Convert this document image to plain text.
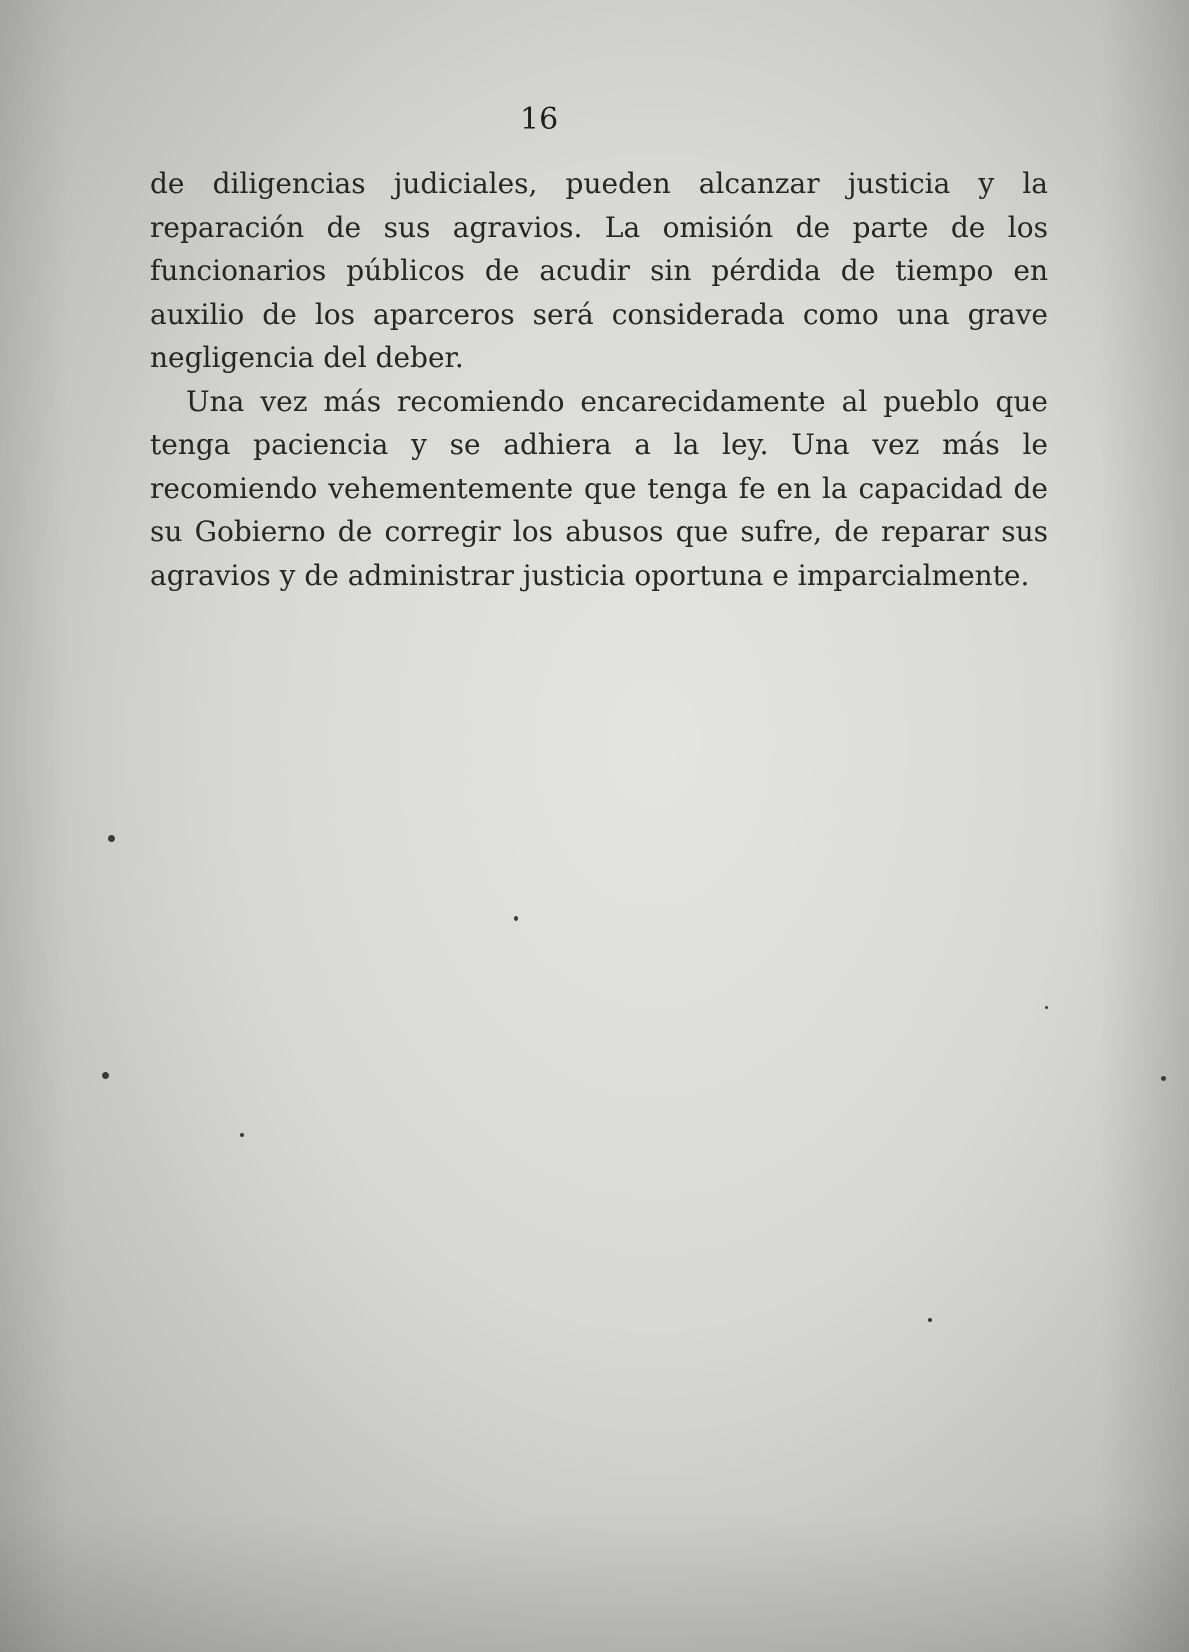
16

de diligencias judiciales, pueden alcanzar justicia y la reparación de sus agravios. La omisión de parte de los funcionarios públicos de acudir sin pérdida de tiempo en auxilio de los aparceros será considerada como una grave negligencia del deber.

Una vez más recomiendo encarecidamente al pueblo que tenga paciencia y se adhiera a la ley. Una vez más le recomiendo vehementemente que tenga fe en la capacidad de su Gobierno de corregir los abusos que sufre, de reparar sus agravios y de administrar justicia oportuna e imparcialmente.
